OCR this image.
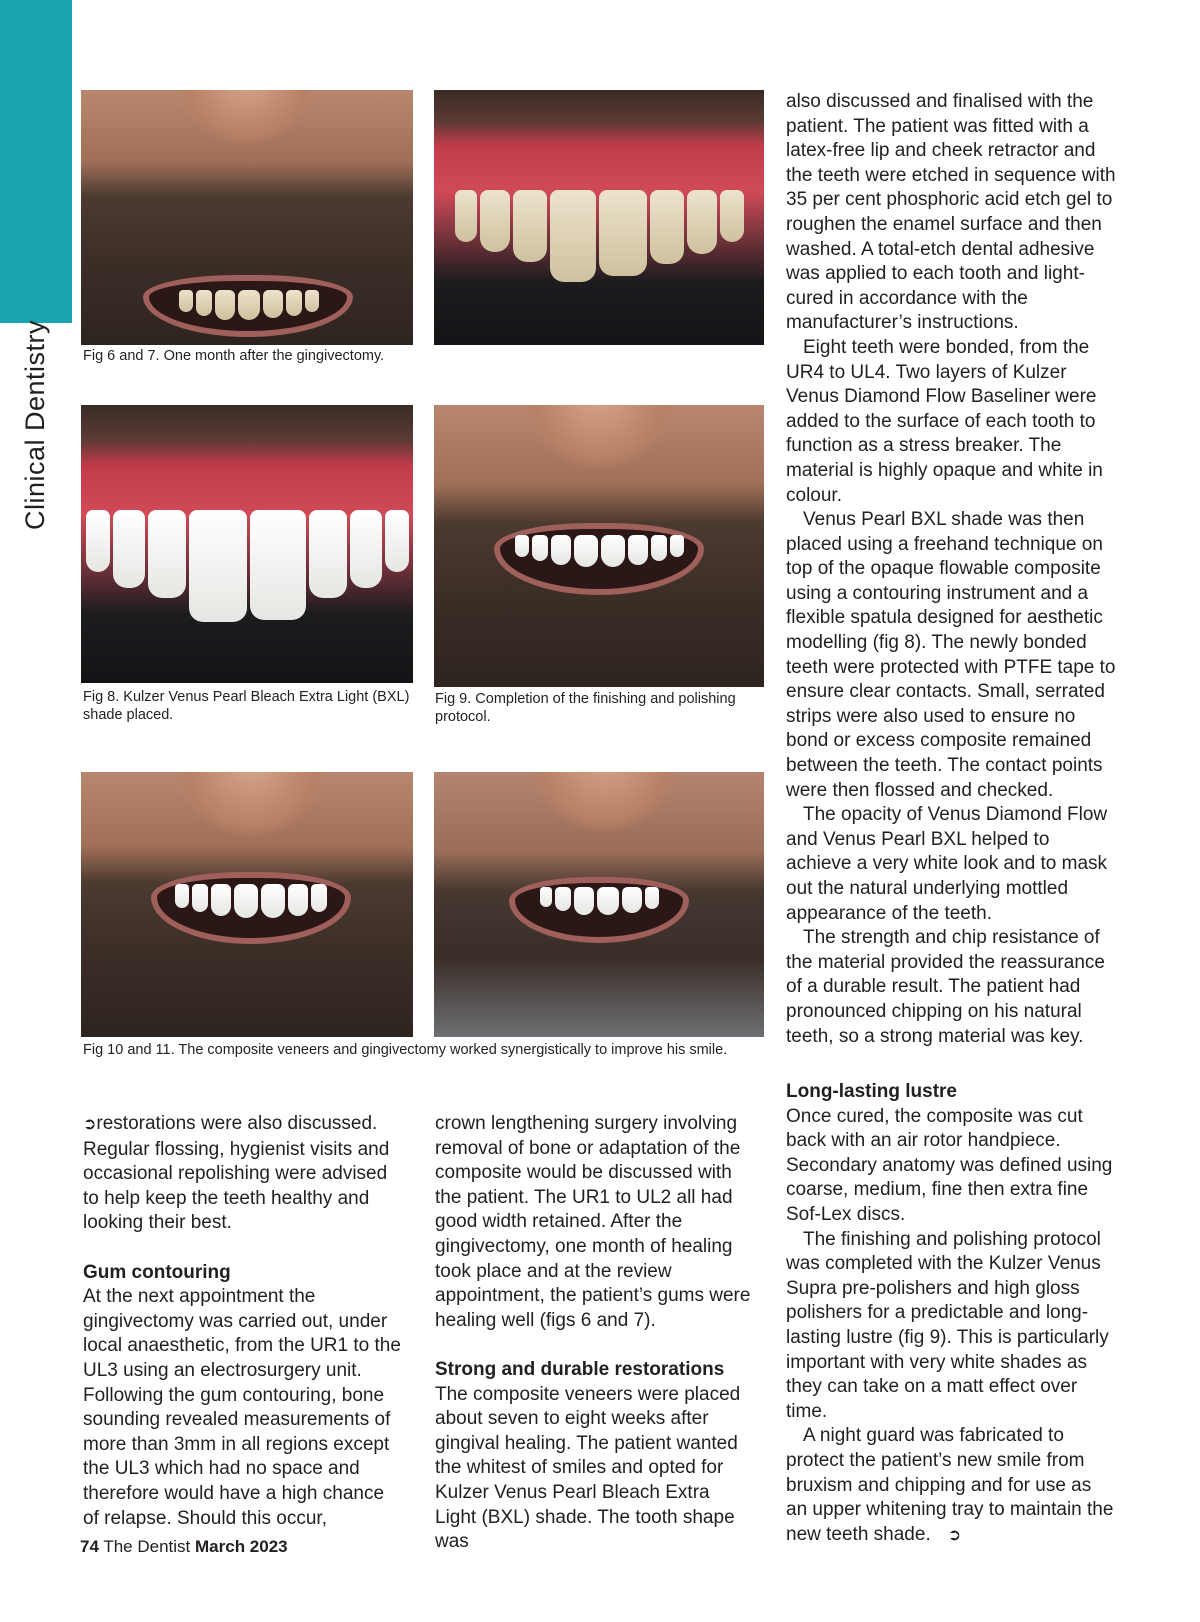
Clinical Dentistry Fig 6 and 7. One month after the gingivectomy.
Fig 8. Kulzer Venus Pearl Bleach Extra Light (BXL) shade placed.
Fig 9. Completion of the finishing and polishing protocol.
Fig 10 and 11. The composite veneers and gingivectomy worked synergistically to improve his smile.

➲restorations were also discussed. Regular flossing, hygienist visits and occasional repolishing were advised to help keep the teeth healthy and looking their best.

Gum contouring

At the next appointment the gingivectomy was carried out, under local anaesthetic, from the UR1 to the UL3 using an electrosurgery unit. Following the gum contouring, bone sounding revealed measurements of more than 3mm in all regions except the UL3 which had no space and therefore would have a high chance of relapse. Should this occur,

crown lengthening surgery involving removal of bone or adaptation of the composite would be discussed with the patient. The UR1 to UL2 all had good width retained. After the gingivectomy, one month of healing took place and at the review appointment, the patient’s gums were healing well (figs 6 and 7).

Strong and durable restorations

The composite veneers were placed about seven to eight weeks after gingival healing. The patient wanted the whitest of smiles and opted for Kulzer Venus Pearl Bleach Extra Light (BXL) shade. The tooth shape was

also discussed and finalised with the patient. The patient was fitted with a latex-free lip and cheek retractor and the teeth were etched in sequence with 35 per cent phosphoric acid etch gel to roughen the enamel surface and then washed. A total-etch dental adhesive was applied to each tooth and light-cured in accordance with the manufacturer’s instructions.

Eight teeth were bonded, from the UR4 to UL4. Two layers of Kulzer Venus Diamond Flow Baseliner were added to the surface of each tooth to function as a stress breaker. The material is highly opaque and white in colour.

Venus Pearl BXL shade was then placed using a freehand technique on top of the opaque flowable composite using a contouring instrument and a flexible spatula designed for aesthetic modelling (fig 8). The newly bonded teeth were protected with PTFE tape to ensure clear contacts. Small, serrated strips were also used to ensure no bond or excess composite remained between the teeth. The contact points were then flossed and checked.

The opacity of Venus Diamond Flow and Venus Pearl BXL helped to achieve a very white look and to mask out the natural underlying mottled appearance of the teeth.

The strength and chip resistance of the material provided the reassurance of a durable result. The patient had pronounced chipping on his natural teeth, so a strong material was key.

Long-lasting lustre

Once cured, the composite was cut back with an air rotor handpiece. Secondary anatomy was defined using coarse, medium, fine then extra fine Sof-Lex discs.

The finishing and polishing protocol was completed with the Kulzer Venus Supra pre-polishers and high gloss polishers for a predictable and long-lasting lustre (fig 9). This is particularly important with very white shades as they can take on a matt effect over time.

A night guard was fabricated to protect the patient’s new smile from bruxism and chipping and for use as an upper whitening tray to maintain the new teeth shade. ➲

74 The Dentist March 2023
